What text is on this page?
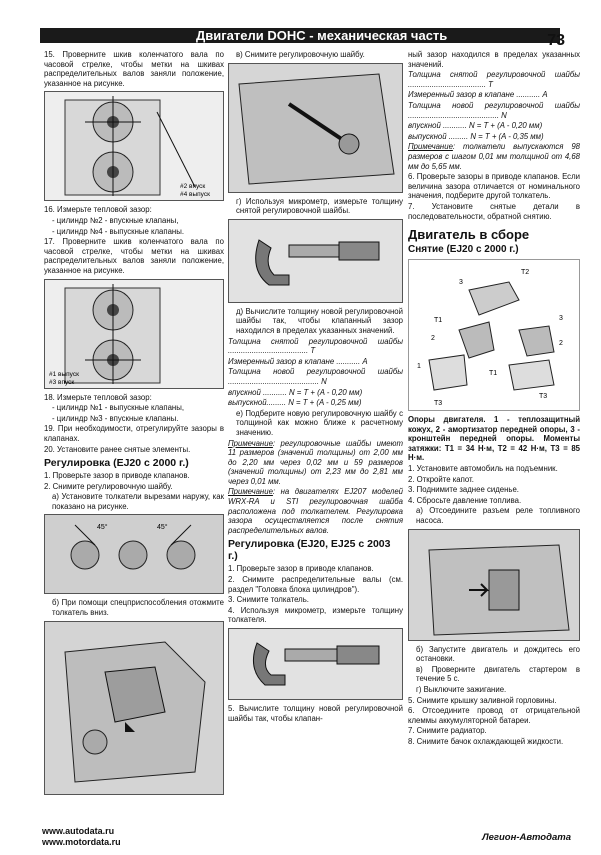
Двигатели DOHC - механическая часть	73

15. Проверните шкив коленчатого вала по часовой стрелке, чтобы метки на шкивах распределительных валов заняли положение, указанное на рисунке.

#2 впуск
#4 выпуск

16. Измерьте тепловой зазор:

- цилиндр №2 - впускные клапаны,

- цилиндр №4 - выпускные клапаны.

17. Проверните шкив коленчатого вала по часовой стрелке, чтобы метки на шкивах распределительных валов заняли положение, указанное на рисунке.

#1 выпуск
#3 впуск

18. Измерьте тепловой зазор:

- цилиндр №1 - выпускные клапаны,

- цилиндр №3 - впускные клапаны.

19. При необходимости, отрегулируйте зазоры в клапанах.

20. Установите ранее снятые элементы.

Регулировка (EJ20 с 2000 г.)

1. Проверьте зазор в приводе клапанов.

2. Снимите регулировочную шайбу.

а) Установите толкатели вырезами наружу, как показано на рисунке.

45°	45°

б) При помощи спецприспособления отожмите толкатель вниз.

в) Снимите регулировочную шайбу.

г) Используя микрометр, измерьте толщину снятой регулировочной шайбы.

д) Вычислите толщину новой регулировочной шайбы так, чтобы клапанный зазор находился в пределах указанных значений.

Толщина снятой регулировочной шайбы ..................................... T

Измеренный зазор в клапане ........... A

Толщина новой регулировочной шайбы .......................................... N

впускной ........... N = T + (A - 0,20 мм)

выпускной......... N = T + (A - 0,25 мм)

е) Подберите новую регулировочную шайбу с толщиной как можно ближе к расчетному значению.

Примечание: регулировочные шайбы имеют 11 размеров (значений толщины) от 2,00 мм до 2,20 мм через 0,02 мм и 59 размеров (значений толщины) от 2,23 мм до 2,81 мм через 0,01 мм.

Примечание: на двигателях EJ207 моделей WRX-RA и STI регулировочная шайба расположена под толкателем. Регулировка зазора осуществляется после снятия распределительных валов.

Регулировка (EJ20, EJ25 с 2003 г.)

1. Проверьте зазор в приводе клапанов.

2. Снимите распределительные валы (см. раздел "Головка блока цилиндров").

3. Снимите толкатель.

4. Используя микрометр, измерьте толщину толкателя.

5. Вычислите толщину новой регулировочной шайбы так, чтобы клапан-

ный зазор находился в пределах указанных значений.

Толщина снятой регулировочной шайбы .................................... T

Измеренный зазор в клапане ........... A

Толщина новой регулировочной шайбы .......................................... N

впускной ........... N = T + (A - 0,20 мм)

выпускной ......... N = T + (A - 0,35 мм)

Примечание: толкатели выпускаются 98 размеров с шагом 0,01 мм толщиной от 4,68 мм до 5,65 мм.

6. Проверьте зазоры в приводе клапанов. Если величина зазора отличается от номинального значения, подберите другой толкатель.

7. Установите снятые детали в последовательности, обратной снятию.

Двигатель в сборе
Снятие (EJ20 с 2000 г.)
T2
3
3
T1
2
2
T1
1
T3
T3

Опоры двигателя. 1 - теплозащитный кожух, 2 - амортизатор передней опоры, 3 - кронштейн передней опоры. Моменты затяжки: T1 = 34 Н·м, T2 = 42 Н·м, T3 = 85 Н·м.

1. Установите автомобиль на подъемник.

2. Откройте капот.

3. Поднимите заднее сиденье.

4. Сбросьте давление топлива.

а) Отсоедините разъем реле топливного насоса.

б) Запустите двигатель и дождитесь его остановки.

в) Проверните двигатель стартером в течение 5 с.

г) Выключите зажигание.

5. Снимите крышку заливной горловины.

6. Отсоедините провод от отрицательной клеммы аккумуляторной батареи.

7. Снимите радиатор.

8. Снимите бачок охлаждающей жидкости.

www.autodata.ru
www.motordata.ru	Легион-Автодата
